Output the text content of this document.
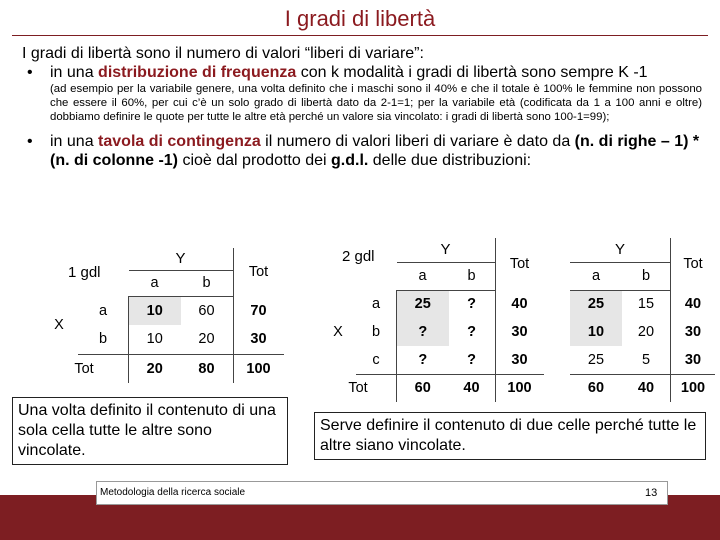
I gradi di libertà

I gradi di libertà sono il numero di valori “liberi di variare”:

• in una distribuzione di frequenza con k modalità i gradi di libertà sono sempre K -1
(ad esempio per la variabile genere, una volta definito che i maschi sono il 40% e che il totale è 100% le femmine non possono che essere il 60%, per cui c’è un solo grado di libertà dato da 2-1=1; per la variabile età (codificata da 1 a 100 anni e oltre) dobbiamo definire le quote per tutte le altre età perché un valore sia vincolato: i gradi di libertà sono 100-1=99);
• in una tavola di contingenza il numero di valori liberi di variare è dato da (n. di righe – 1) * (n. di colonne -1) cioè dal prodotto dei g.d.l. delle due distribuzioni:
1 gdl		Y		Tot
		a	b	
X	a	10	60	70
	b	10	20	30
Tot		20	80	100
2 gdl		Y		Tot
		a	b	
X	a	25	?	40
	b	?	?	30
	c	?	?	30
Tot		60	40	100
Y		Tot
a	b	
25	15	40
10	20	30
25	5	30
60	40	100
Una volta definito il contenuto di una sola cella tutte le altre sono vincolate.
Serve definire il contenuto di due celle perché tutte le altre siano vincolate.
Metodologia della ricerca sociale	13
